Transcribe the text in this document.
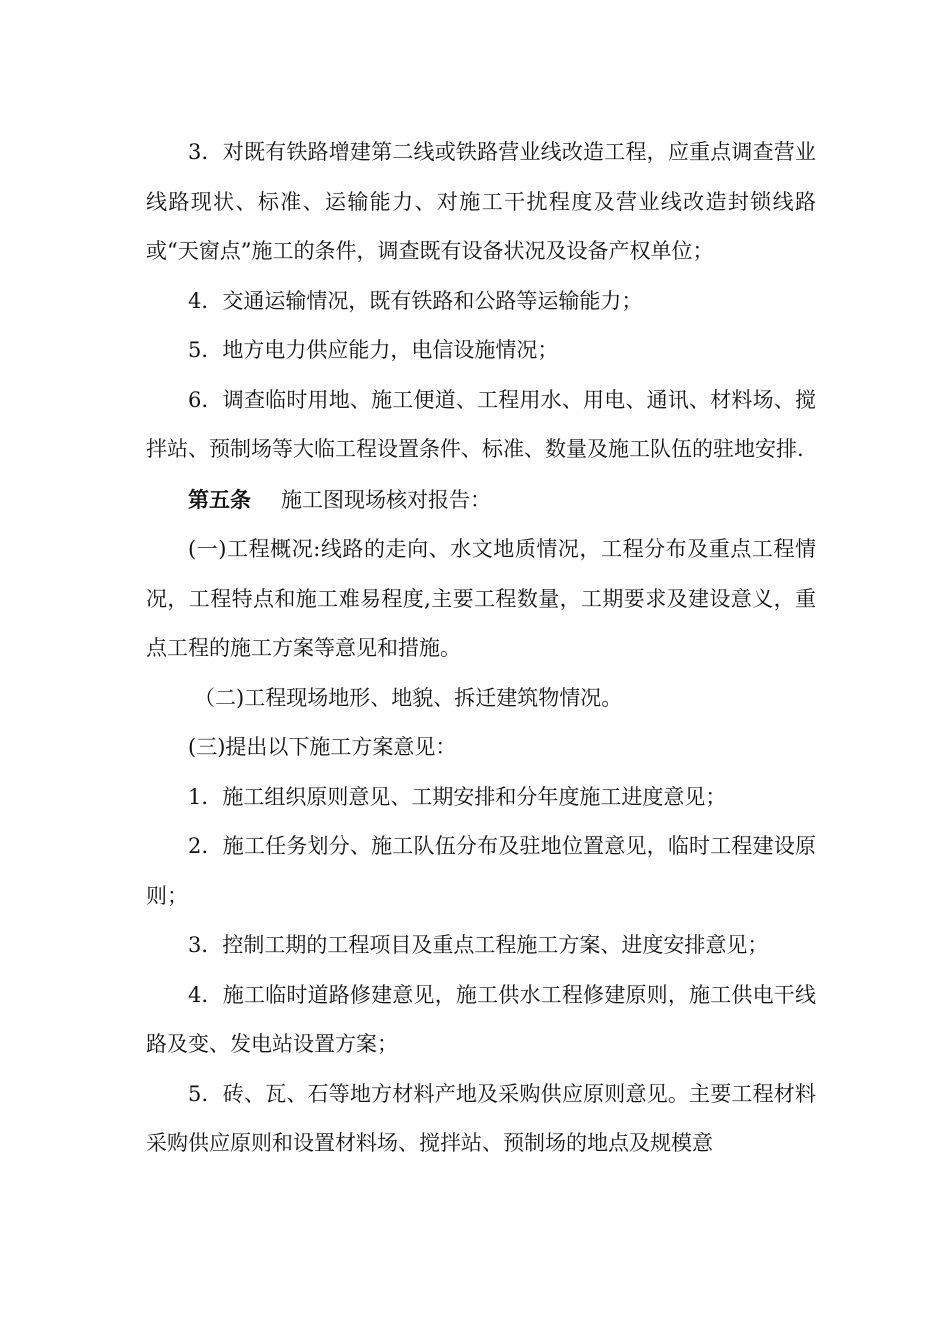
3．对既有铁路增建第二线或铁路营业线改造工程，应重点调查营业线路现状、标准、运输能力、对施工干扰程度及营业线改造封锁线路或“天窗点”施工的条件，调查既有设备状况及设备产权单位；

4．交通运输情况，既有铁路和公路等运输能力；

5．地方电力供应能力，电信设施情况；

6．调查临时用地、施工便道、工程用水、用电、通讯、材料场、搅拌站、预制场等大临工程设置条件、标准、数量及施工队伍的驻地安排.

第五条 施工图现场核对报告：

(一)工程概况:线路的走向、水文地质情况，工程分布及重点工程情况，工程特点和施工难易程度,主要工程数量，工期要求及建设意义，重点工程的施工方案等意见和措施。

（二)工程现场地形、地貌、拆迁建筑物情况。

(三)提出以下施工方案意见：

1．施工组织原则意见、工期安排和分年度施工进度意见；

2．施工任务划分、施工队伍分布及驻地位置意见，临时工程建设原则；

3．控制工期的工程项目及重点工程施工方案、进度安排意见；

4．施工临时道路修建意见，施工供水工程修建原则，施工供电干线路及变、发电站设置方案；

5．砖、瓦、石等地方材料产地及采购供应原则意见。主要工程材料采购供应原则和设置材料场、搅拌站、预制场的地点及规模意
